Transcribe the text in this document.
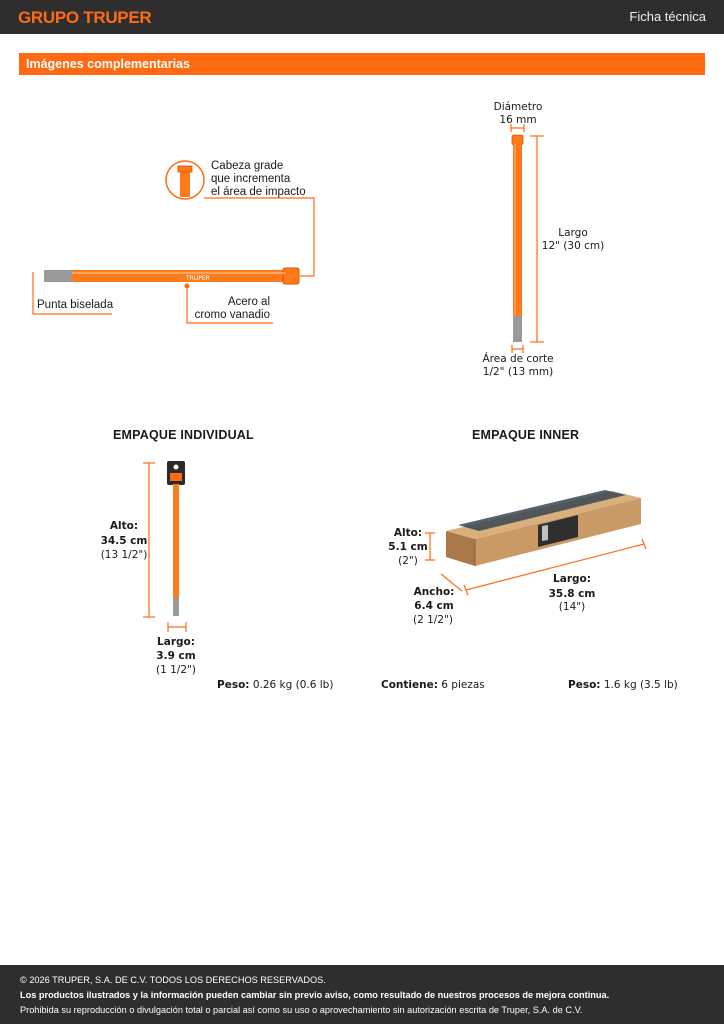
GRUPO TRUPER	Ficha técnica
Imágenes complementarias
TRUPER
Cabeza grade
que incrementa
el área de impacto
Punta biselada	Acero al
cromo vanadio
Diámetro
16 mm
Largo
12" (30 cm)
Área de corte
1/2" (13 mm)
EMPAQUE INDIVIDUAL
Alto:
34.5 cm
(13 1/2")
Largo:
3.9 cm
(1 1/2")
Peso: 0.26 kg (0.6 lb)
EMPAQUE INNER
Alto:
5.1 cm
(2")
Ancho:
6.4 cm
(2 1/2")
Largo:
35.8 cm
(14")
Contiene: 6 piezas	Peso: 1.6 kg (3.5 lb)
© 2026 TRUPER, S.A. DE C.V. TODOS LOS DERECHOS RESERVADOS.
Los productos ilustrados y la información pueden cambiar sin previo aviso, como resultado de nuestros procesos de mejora continua.
Prohibida su reproducción o divulgación total o parcial así como su uso o aprovechamiento sin autorización escrita de Truper, S.A. de C.V.
